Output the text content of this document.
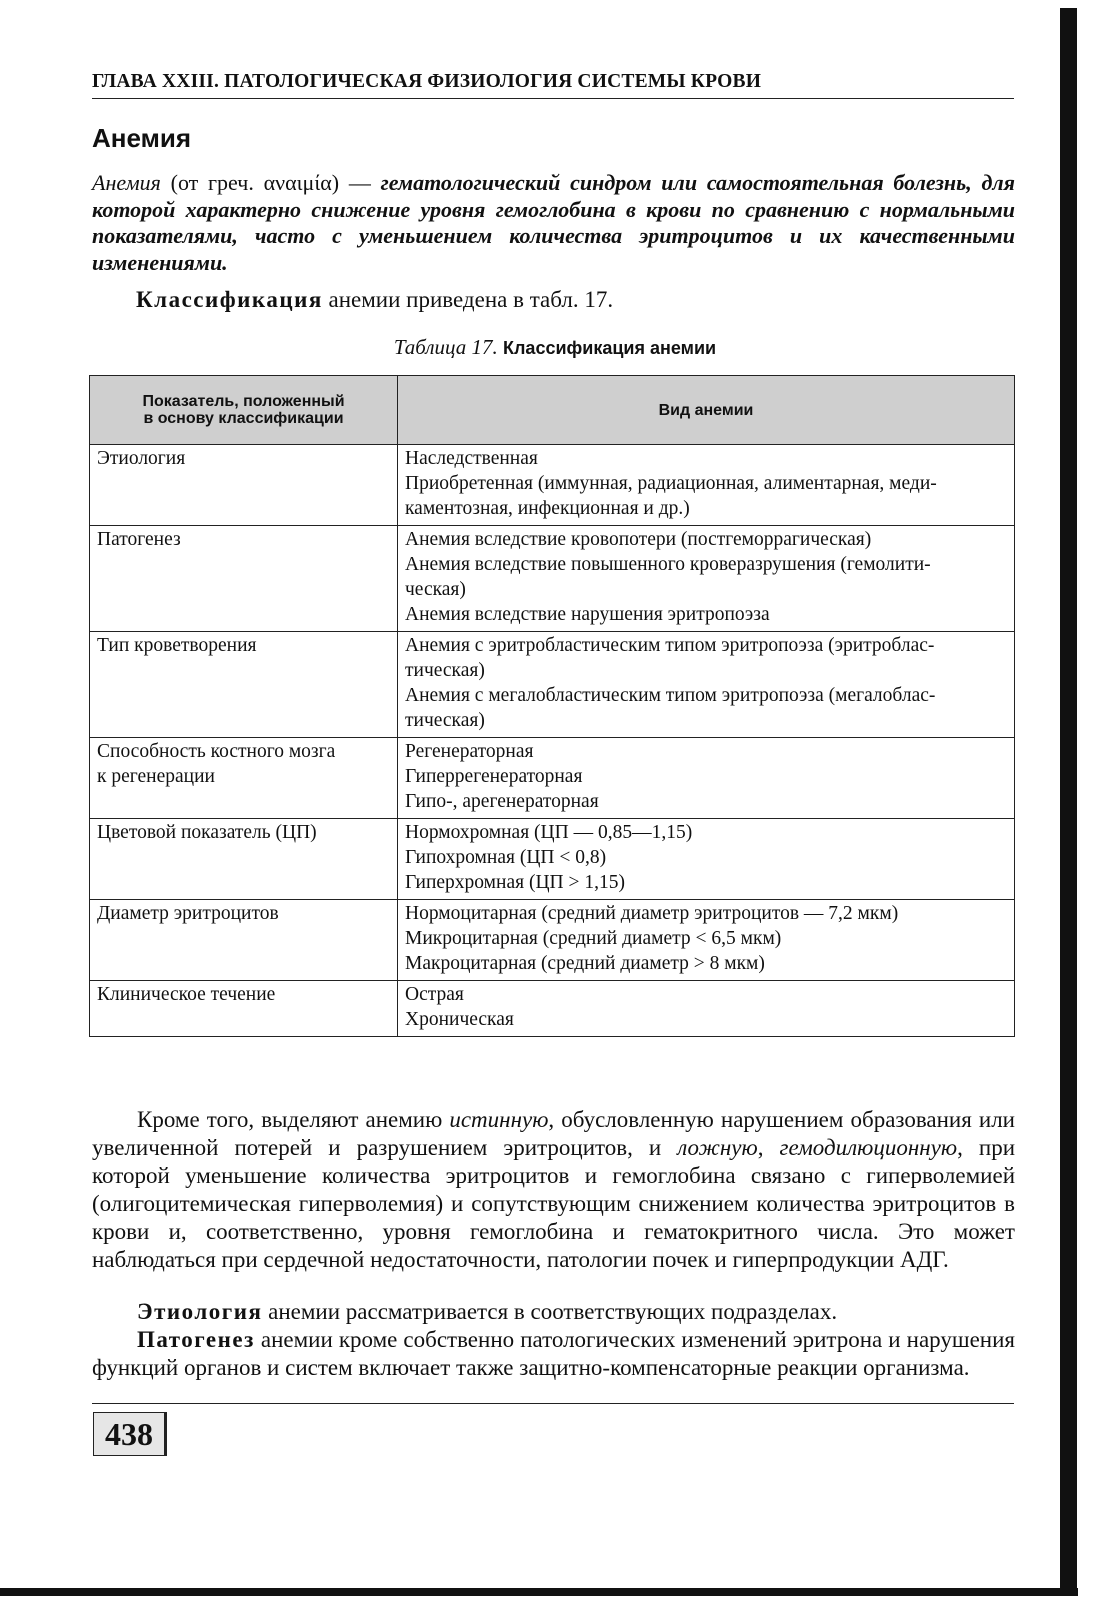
ГЛАВА XXIII. ПАТОЛОГИЧЕСКАЯ ФИЗИОЛОГИЯ СИСТЕМЫ КРОВИ
Анемия
Анемия (от греч. αναιμία) — гематологический синдром или самостоятельная болезнь, для которой характерно снижение уровня гемоглобина в крови по сравнению с нормальными показателями, часто с уменьшением количества эритроцитов и их качественными изменениями.
Классификация анемии приведена в табл. 17.
Таблица 17. Классификация анемии
Показатель, положенный
в основу классификации	Вид анемии

Этиология	Наследственная
Приобретенная (иммунная, радиационная, алиментарная, меди-
каментозная, инфекционная и др.)

Патогенез	Анемия вследствие кровопотери (постгеморрагическая)
Анемия вследствие повышенного кроверазрушения (гемолити-
ческая)
Анемия вследствие нарушения эритропоэза

Тип кроветворения	Анемия с эритробластическим типом эритропоэза (эритроблас-
тическая)
Анемия с мегалобластическим типом эритропоэза (мегалоблас-
тическая)

Способность костного мозга
к регенерации	Регенераторная
Гиперрегенераторная
Гипо-, арегенераторная

Цветовой показатель (ЦП)	Нормохромная (ЦП — 0,85—1,15)
Гипохромная (ЦП < 0,8)
Гиперхромная (ЦП > 1,15)

Диаметр эритроцитов	Нормоцитарная (средний диаметр эритроцитов — 7,2 мкм)
Микроцитарная (средний диаметр < 6,5 мкм)
Макроцитарная (средний диаметр > 8 мкм)

Клиническое течение	Острая
Хроническая
Кроме того, выделяют анемию истинную, обусловленную нарушением образования или увеличенной потерей и разрушением эритроцитов, и ложную, гемодилюционную, при которой уменьшение количества эритроцитов и гемоглобина связано с гиперволемией (олигоцитемическая гиперволемия) и сопутствующим снижением количества эритроцитов в крови и, соответственно, уровня гемоглобина и гематокритного числа. Это может наблюдаться при сердечной недостаточности, патологии почек и гиперпродукции АДГ.
Этиология анемии рассматривается в соответствующих подразделах.
Патогенез анемии кроме собственно патологических изменений эритрона и нарушения функций органов и систем включает также защитно-компенсаторные реакции организма.
438
